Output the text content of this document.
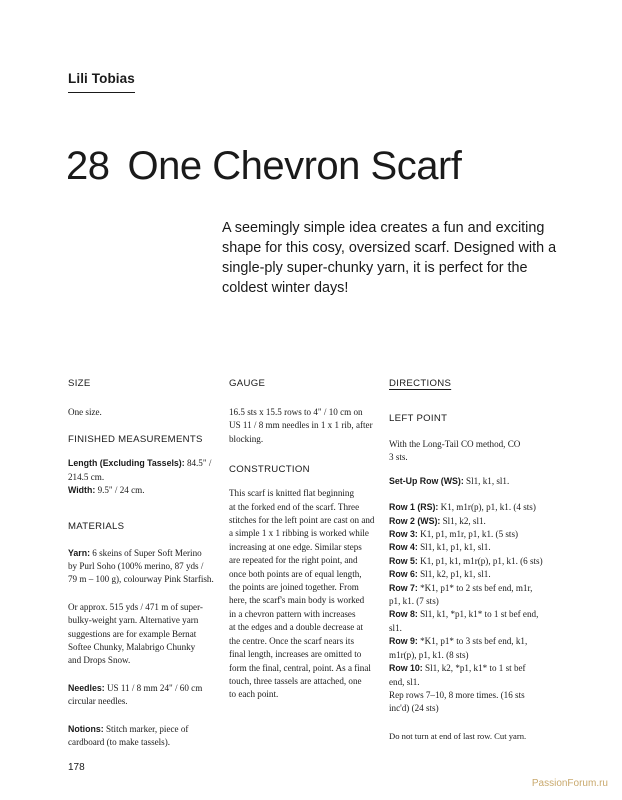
Lili Tobias
28 One Chevron Scarf
A seemingly simple idea creates a fun and exciting shape for this cosy, oversized scarf. Designed with a single-ply super-chunky yarn, it is perfect for the coldest winter days!
SIZE
One size.
FINISHED MEASUREMENTS
Length (Excluding Tassels): 84.5" /
214.5 cm.
Width: 9.5" / 24 cm.
MATERIALS
Yarn: 6 skeins of Super Soft Merino
by Purl Soho (100% merino, 87 yds /
79 m – 100 g), colourway Pink Starfish.
Or approx. 515 yds / 471 m of super-
bulky-weight yarn. Alternative yarn
suggestions are for example Bernat
Softee Chunky, Malabrigo Chunky
and Drops Snow.
Needles: US 11 / 8 mm 24" / 60 cm
circular needles.
Notions: Stitch marker, piece of
cardboard (to make tassels).
GAUGE
16.5 sts x 15.5 rows to 4" / 10 cm on
US 11 / 8 mm needles in 1 x 1 rib, after
blocking.
CONSTRUCTION
This scarf is knitted flat beginning
at the forked end of the scarf. Three
stitches for the left point are cast on and
a simple 1 x 1 ribbing is worked while
increasing at one edge. Similar steps
are repeated for the right point, and
once both points are of equal length,
the points are joined together. From
here, the scarf's main body is worked
in a chevron pattern with increases
at the edges and a double decrease at
the centre. Once the scarf nears its
final length, increases are omitted to
form the final, central, point. As a final
touch, three tassels are attached, one
to each point.
DIRECTIONS
LEFT POINT
With the Long-Tail CO method, CO
3 sts.
Set-Up Row (WS): Sl1, k1, sl1.
Row 1 (RS): K1, m1r(p), p1, k1. (4 sts)
Row 2 (WS): Sl1, k2, sl1.
Row 3: K1, p1, m1r, p1, k1. (5 sts)
Row 4: Sl1, k1, p1, k1, sl1.
Row 5: K1, p1, k1, m1r(p), p1, k1. (6 sts)
Row 6: Sl1, k2, p1, k1, sl1.
Row 7: *K1, p1* to 2 sts bef end, m1r,
p1, k1. (7 sts)
Row 8: Sl1, k1, *p1, k1* to 1 st bef end,
sl1.
Row 9: *K1, p1* to 3 sts bef end, k1,
m1r(p), p1, k1. (8 sts)
Row 10: Sl1, k2, *p1, k1* to 1 st bef
end, sl1.
Rep rows 7–10, 8 more times. (16 sts
inc'd) (24 sts)
Do not turn at end of last row. Cut yarn.
178
PassionForum.ru
